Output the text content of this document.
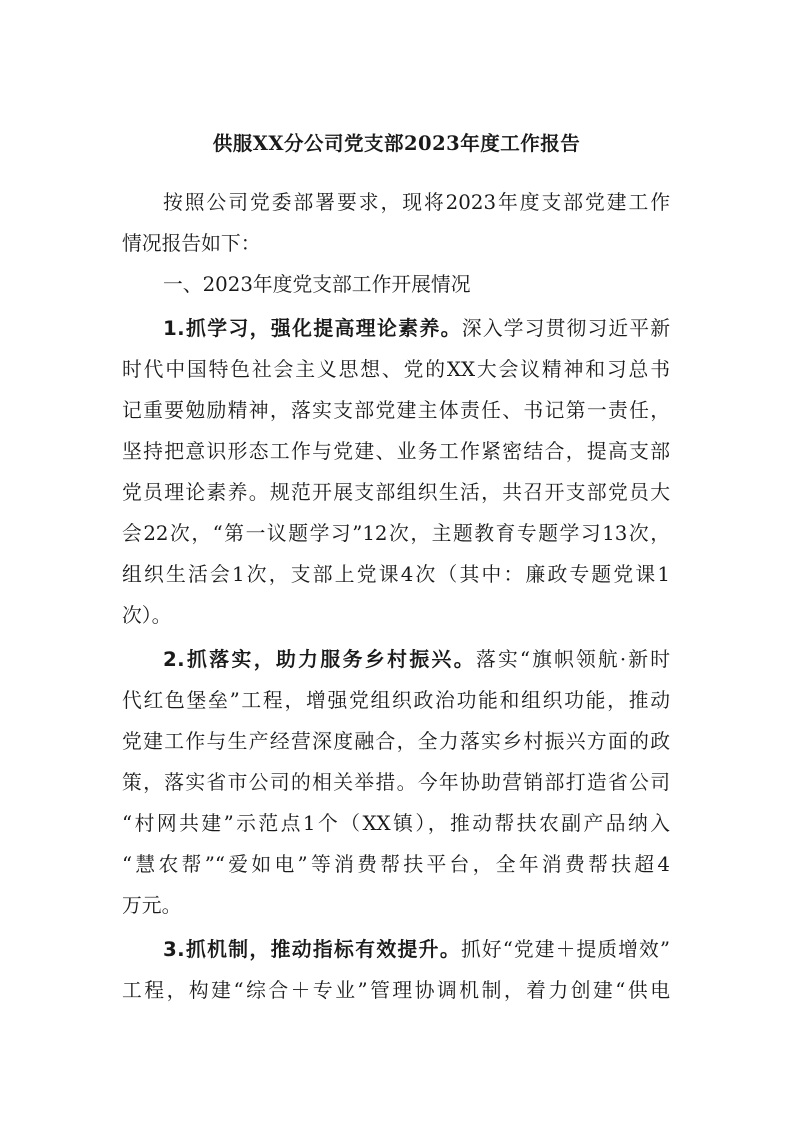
供服XX分公司党支部2023年度工作报告
按照公司党委部署要求，现将2023年度支部党建工作
情况报告如下：
一、2023年度党支部工作开展情况
1.抓学习，强化提高理论素养。深入学习贯彻习近平新
时代中国特色社会主义思想、党的XX大会议精神和习总书
记重要勉励精神，落实支部党建主体责任、书记第一责任，
坚持把意识形态工作与党建、业务工作紧密结合，提高支部
党员理论素养。规范开展支部组织生活，共召开支部党员大
会22次，“第一议题学习”12次，主题教育专题学习13次，
组织生活会1次，支部上党课4次（其中：廉政专题党课1
次）。
2.抓落实，助力服务乡村振兴。落实“旗帜领航·新时
代红色堡垒”工程，增强党组织政治功能和组织功能，推动
党建工作与生产经营深度融合，全力落实乡村振兴方面的政
策，落实省市公司的相关举措。今年协助营销部打造省公司
“村网共建”示范点1个（XX镇），推动帮扶农副产品纳入
“慧农帮”“爱如电”等消费帮扶平台，全年消费帮扶超4
万元。
3.抓机制，推动指标有效提升。抓好“党建＋提质增效”
工程，构建“综合＋专业”管理协调机制，着力创建“供电
